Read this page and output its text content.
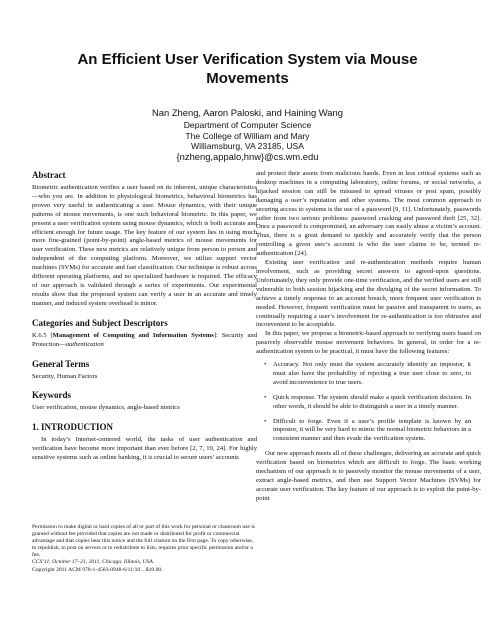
An Efficient User Verification System via Mouse Movements
Nan Zheng, Aaron Paloski, and Haining Wang
Department of Computer Science
The College of William and Mary
Williamsburg, VA 23185, USA
{nzheng,appalo,hnw}@cs.wm.edu
Abstract

Biometric authentication verifies a user based on its inherent, unique characteristics—who you are. In addition to physiological biometrics, behavioral biometrics has proven very useful in authenticating a user. Mouse dynamics, with their unique patterns of mouse movements, is one such behavioral biometric. In this paper, we present a user verification system using mouse dynamics, which is both accurate and efficient enough for future usage. The key feature of our system lies in using much more fine-grained (point-by-point) angle-based metrics of mouse movements for user verification. These new metrics are relatively unique from person to person and independent of the computing platform. Moreover, we utilize support vector machines (SVMs) for accurate and fast classification. Our technique is robust across different operating platforms, and no specialized hardware is required. The efficacy of our approach is validated through a series of experiments. Our experimental results show that the proposed system can verify a user in an accurate and timely manner, and induced system overhead is minor.

Categories and Subject Descriptors

K.6.5 [Management of Computing and Information Systems]: Security and Protection—authentication

General Terms

Security, Human Factors

Keywords

User verification, mouse dynamics, angle-based metrics

1. INTRODUCTION

In today’s Internet-centered world, the tasks of user authentication and verification have become more important than ever before [2, 7, 19, 24]. For highly sensitive systems such as online banking, it is crucial to secure users’ accounts

Permission to make digital or hard copies of all or part of this work for personal or classroom use is granted without fee provided that copies are not made or distributed for profit or commercial advantage and that copies bear this notice and the full citation on the first page. To copy otherwise, to republish, to post on servers or to redistribute to lists, requires prior specific permission and/or a fee.

CCS’11, October 17–21, 2011, Chicago, Illinois, USA.

Copyright 2011 ACM 978-1-4503-0948-6/11/10 ...$10.00.

and protect their assets from malicious hands. Even in less critical systems such as desktop machines in a computing laboratory, online forums, or social networks, a hijacked session can still be misused to spread viruses or post spam, possibly damaging a user’s reputation and other systems. The most common approach to securing access to systems is the use of a password [9, 11]. Unfortunately, passwords suffer from two serious problems: password cracking and password theft [25, 32]. Once a password is compromised, an adversary can easily abuse a victim’s account. Thus, there is a great demand to quickly and accurately verify that the person controlling a given user’s account is who the user claims to be, termed re-authentication [24].

Existing user verification and re-authentication methods require human involvement, such as providing secret answers to agreed-upon questions. Unfortunately, they only provide one-time verification, and the verified users are still vulnerable to both session hijacking and the divulging of the secret information. To achieve a timely response to an account breach, more frequent user verification is needed. However, frequent verification must be passive and transparent to users, as continually requiring a user’s involvement for re-authentication is too obtrusive and inconvenient to be acceptable.

In this paper, we propose a biometric-based approach to verifying users based on passively observable mouse movement behaviors. In general, in order for a re-authentication system to be practical, it must have the following features:

• Accuracy. Not only must the system accurately identify an impostor, it must also have the probability of rejecting a true user close to zero, to avoid inconvenience to true users.
• Quick response. The system should make a quick verification decision. In other words, it should be able to distinguish a user in a timely manner.
• Difficult to forge. Even if a user’s profile template is known by an impostor, it will be very hard to mimic the normal biometric behaviors in a consistent manner and then evade the verification system.

Our new approach meets all of these challenges, delivering an accurate and quick verification based on biometrics which are difficult to forge. The basic working mechanism of our approach is to passively monitor the mouse movements of a user, extract angle-based metrics, and then use Support Vector Machines (SVMs) for accurate user verification. The key feature of our approach is to exploit the point-by-point
